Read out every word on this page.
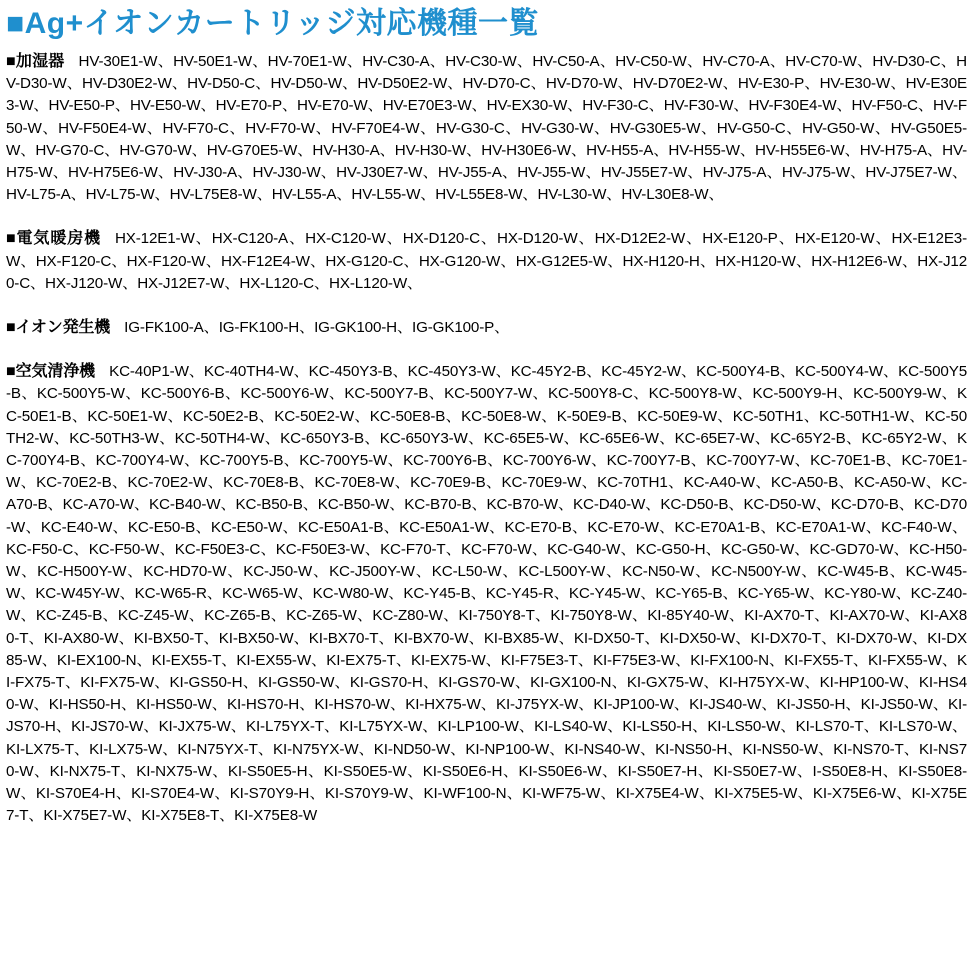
■Ag+イオンカートリッジ対応機種一覧
■加湿器 HV-30E1-W、HV-50E1-W、HV-70E1-W、HV-C30-A、HV-C30-W、HV-C50-A、HV-C50-W、HV-C70-A、HV-C70-W、HV-D30-C、HV-D30-W、HV-D30E2-W、HV-D50-C、HV-D50-W、HV-D50E2-W、HV-D70-C、HV-D70-W、HV-D70E2-W、HV-E30-P、HV-E30-W、HV-E30E3-W、HV-E50-P、HV-E50-W、HV-E70-P、HV-E70-W、HV-E70E3-W、HV-EX30-W、HV-F30-C、HV-F30-W、HV-F30E4-W、HV-F50-C、HV-F50-W、HV-F50E4-W、HV-F70-C、HV-F70-W、HV-F70E4-W、HV-G30-C、HV-G30-W、HV-G30E5-W、HV-G50-C、HV-G50-W、HV-G50E5-W、HV-G70-C、HV-G70-W、HV-G70E5-W、HV-H30-A、HV-H30-W、HV-H30E6-W、HV-H55-A、HV-H55-W、HV-H55E6-W、HV-H75-A、HV-H75-W、HV-H75E6-W、HV-J30-A、HV-J30-W、HV-J30E7-W、HV-J55-A、HV-J55-W、HV-J55E7-W、HV-J75-A、HV-J75-W、HV-J75E7-W、HV-L75-A、HV-L75-W、HV-L75E8-W、HV-L55-A、HV-L55-W、HV-L55E8-W、HV-L30-W、HV-L30E8-W、
■電気暖房機 HX-12E1-W、HX-C120-A、HX-C120-W、HX-D120-C、HX-D120-W、HX-D12E2-W、HX-E120-P、HX-E120-W、HX-E12E3-W、HX-F120-C、HX-F120-W、HX-F12E4-W、HX-G120-C、HX-G120-W、HX-G12E5-W、HX-H120-H、HX-H120-W、HX-H12E6-W、HX-J120-C、HX-J120-W、HX-J12E7-W、HX-L120-C、HX-L120-W、
■イオン発生機 IG-FK100-A、IG-FK100-H、IG-GK100-H、IG-GK100-P、
■空気清浄機 KC-40P1-W、KC-40TH4-W、KC-450Y3-B、KC-450Y3-W、KC-45Y2-B、KC-45Y2-W、KC-500Y4-B、KC-500Y4-W、KC-500Y5-B、KC-500Y5-W、KC-500Y6-B、KC-500Y6-W、KC-500Y7-B、KC-500Y7-W、KC-500Y8-C、KC-500Y8-W、KC-500Y9-H、KC-500Y9-W、KC-50E1-B、KC-50E1-W、KC-50E2-B、KC-50E2-W、KC-50E8-B、KC-50E8-W、K-50E9-B、KC-50E9-W、KC-50TH1、KC-50TH1-W、KC-50TH2-W、KC-50TH3-W、KC-50TH4-W、KC-650Y3-B、KC-650Y3-W、KC-65E5-W、KC-65E6-W、KC-65E7-W、KC-65Y2-B、KC-65Y2-W、KC-700Y4-B、KC-700Y4-W、KC-700Y5-B、KC-700Y5-W、KC-700Y6-B、KC-700Y6-W、KC-700Y7-B、KC-700Y7-W、KC-70E1-B、KC-70E1-W、KC-70E2-B、KC-70E2-W、KC-70E8-B、KC-70E8-W、KC-70E9-B、KC-70E9-W、KC-70TH1、KC-A40-W、KC-A50-B、KC-A50-W、KC-A70-B、KC-A70-W、KC-B40-W、KC-B50-B、KC-B50-W、KC-B70-B、KC-B70-W、KC-D40-W、KC-D50-B、KC-D50-W、KC-D70-B、KC-D70-W、KC-E40-W、KC-E50-B、KC-E50-W、KC-E50A1-B、KC-E50A1-W、KC-E70-B、KC-E70-W、KC-E70A1-B、KC-E70A1-W、KC-F40-W、KC-F50-C、KC-F50-W、KC-F50E3-C、KC-F50E3-W、KC-F70-T、KC-F70-W、KC-G40-W、KC-G50-H、KC-G50-W、KC-GD70-W、KC-H50-W、KC-H500Y-W、KC-HD70-W、KC-J50-W、KC-J500Y-W、KC-L50-W、KC-L500Y-W、KC-N50-W、KC-N500Y-W、KC-W45-B、KC-W45-W、KC-W45Y-W、KC-W65-R、KC-W65-W、KC-W80-W、KC-Y45-B、KC-Y45-R、KC-Y45-W、KC-Y65-B、KC-Y65-W、KC-Y80-W、KC-Z40-W、KC-Z45-B、KC-Z45-W、KC-Z65-B、KC-Z65-W、KC-Z80-W、KI-750Y8-T、KI-750Y8-W、KI-85Y40-W、KI-AX70-T、KI-AX70-W、KI-AX80-T、KI-AX80-W、KI-BX50-T、KI-BX50-W、KI-BX70-T、KI-BX70-W、KI-BX85-W、KI-DX50-T、KI-DX50-W、KI-DX70-T、KI-DX70-W、KI-DX85-W、KI-EX100-N、KI-EX55-T、KI-EX55-W、KI-EX75-T、KI-EX75-W、KI-F75E3-T、KI-F75E3-W、KI-FX100-N、KI-FX55-T、KI-FX55-W、KI-FX75-T、KI-FX75-W、KI-GS50-H、KI-GS50-W、KI-GS70-H、KI-GS70-W、KI-GX100-N、KI-GX75-W、KI-H75YX-W、KI-HP100-W、KI-HS40-W、KI-HS50-H、KI-HS50-W、KI-HS70-H、KI-HS70-W、KI-HX75-W、KI-J75YX-W、KI-JP100-W、KI-JS40-W、KI-JS50-H、KI-JS50-W、KI-JS70-H、KI-JS70-W、KI-JX75-W、KI-L75YX-T、KI-L75YX-W、KI-LP100-W、KI-LS40-W、KI-LS50-H、KI-LS50-W、KI-LS70-T、KI-LS70-W、KI-LX75-T、KI-LX75-W、KI-N75YX-T、KI-N75YX-W、KI-ND50-W、KI-NP100-W、KI-NS40-W、KI-NS50-H、KI-NS50-W、KI-NS70-T、KI-NS70-W、KI-NX75-T、KI-NX75-W、KI-S50E5-H、KI-S50E5-W、KI-S50E6-H、KI-S50E6-W、KI-S50E7-H、KI-S50E7-W、I-S50E8-H、KI-S50E8-W、KI-S70E4-H、KI-S70E4-W、KI-S70Y9-H、KI-S70Y9-W、KI-WF100-N、KI-WF75-W、KI-X75E4-W、KI-X75E5-W、KI-X75E6-W、KI-X75E7-T、KI-X75E7-W、KI-X75E8-T、KI-X75E8-W
